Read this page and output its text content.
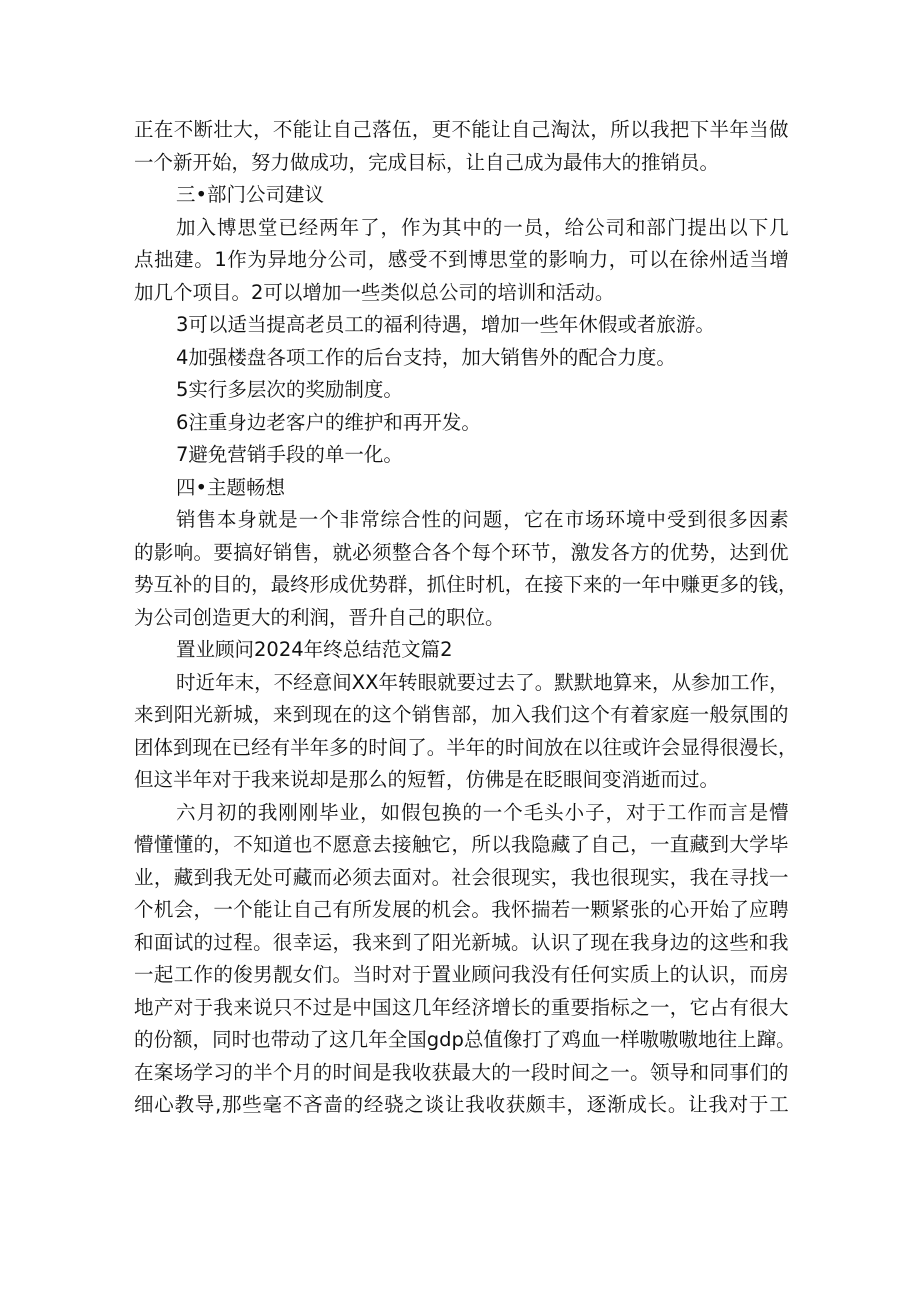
正 在 不 断 壮 大 ， 不 能 让 自 己 落 伍 ， 更 不 能 让 自 己 淘 汰 ， 所 以 我 把 下 半 年 当 做
一个新开始，努力做成功，完成目标，让自己成为最伟大的推销员。
三•部门公司建议
加 入 博 思 堂 已 经 两 年 了 ， 作 为 其 中 的 一 员 ， 给 公 司 和 部 门 提 出 以 下 几
点 拙 建 。 1 作 为 异 地 分 公 司 ， 感 受 不 到 博 思 堂 的 影 响 力 ， 可 以 在 徐 州 适 当 增
加几个项目。2可以增加一些类似总公司的培训和活动。
3可以适当提高老员工的福利待遇，增加一些年休假或者旅游。
4加强楼盘各项工作的后台支持，加大销售外的配合力度。
5实行多层次的奖励制度。
6注重身边老客户的维护和再开发。
7避免营销手段的单一化。
四•主题畅想
销 售 本 身 就 是 一 个 非 常 综 合 性 的 问 题 ， 它 在 市 场 环 境 中 受 到 很 多 因 素
的 影 响 。 要 搞 好 销 售 ， 就 必 须 整 合 各 个 每 个 环 节 ， 激 发 各 方 的 优 势 ， 达 到 优
势 互 补 的 目 的 ， 最 终 形 成 优 势 群 ， 抓 住 时 机 ， 在 接 下 来 的 一 年 中 赚 更 多 的 钱 ，
为公司创造更大的利润，晋升自己的职位。
置业顾问2024年终总结范文篇2
时 近 年 末 ， 不 经 意 间 XX 年 转 眼 就 要 过 去 了 。 默 默 地 算 来 ， 从 参 加 工 作 ，
来 到 阳 光 新 城 ， 来 到 现 在 的 这 个 销 售 部 ， 加 入 我 们 这 个 有 着 家 庭 一 般 氛 围 的
团 体 到 现 在 已 经 有 半 年 多 的 时 间 了 。 半 年 的 时 间 放 在 以 往 或 许 会 显 得 很 漫 长 ，
但这半年对于我来说却是那么的短暂，仿佛是在眨眼间变消逝而过。
六 月 初 的 我 刚 刚 毕 业 ， 如 假 包 换 的 一 个 毛 头 小 子 ， 对 于 工 作 而 言 是 懵
懵 懂 懂 的 ， 不 知 道 也 不 愿 意 去 接 触 它 ， 所 以 我 隐 藏 了 自 己 ， 一 直 藏 到 大 学 毕
业 ， 藏 到 我 无 处 可 藏 而 必 须 去 面 对 。 社 会 很 现 实 ， 我 也 很 现 实 ， 我 在 寻 找 一
个 机 会 ， 一 个 能 让 自 己 有 所 发 展 的 机 会 。 我 怀 揣 若 一 颗 紧 张 的 心 开 始 了 应 聘
和 面 试 的 过 程 。 很 幸 运 ， 我 来 到 了 阳 光 新 城 。 认 识 了 现 在 我 身 边 的 这 些 和 我
一 起 工 作 的 俊 男 靓 女 们 。 当 时 对 于 置 业 顾 问 我 没 有 任 何 实 质 上 的 认 识 ， 而 房
地 产 对 于 我 来 说 只 不 过 是 中 国 这 几 年 经 济 增 长 的 重 要 指 标 之 一 ， 它 占 有 很 大
的 份 额 ， 同 时 也 带 动 了 这 几 年 全 国 gdp 总 值 像 打 了 鸡 血 一 样 嗷 嗷 嗷 地 往 上 蹿 。
在 案 场 学 习 的 半 个 月 的 时 间 是 我 收 获 最 大 的 一 段 时 间 之 一 。 领 导 和 同 事 们 的
细 心 教 导 , 那 些 毫 不 吝 啬 的 经 骁 之 谈 让 我 收 获 颇 丰 ， 逐 渐 成 长 。 让 我 对 于 工
